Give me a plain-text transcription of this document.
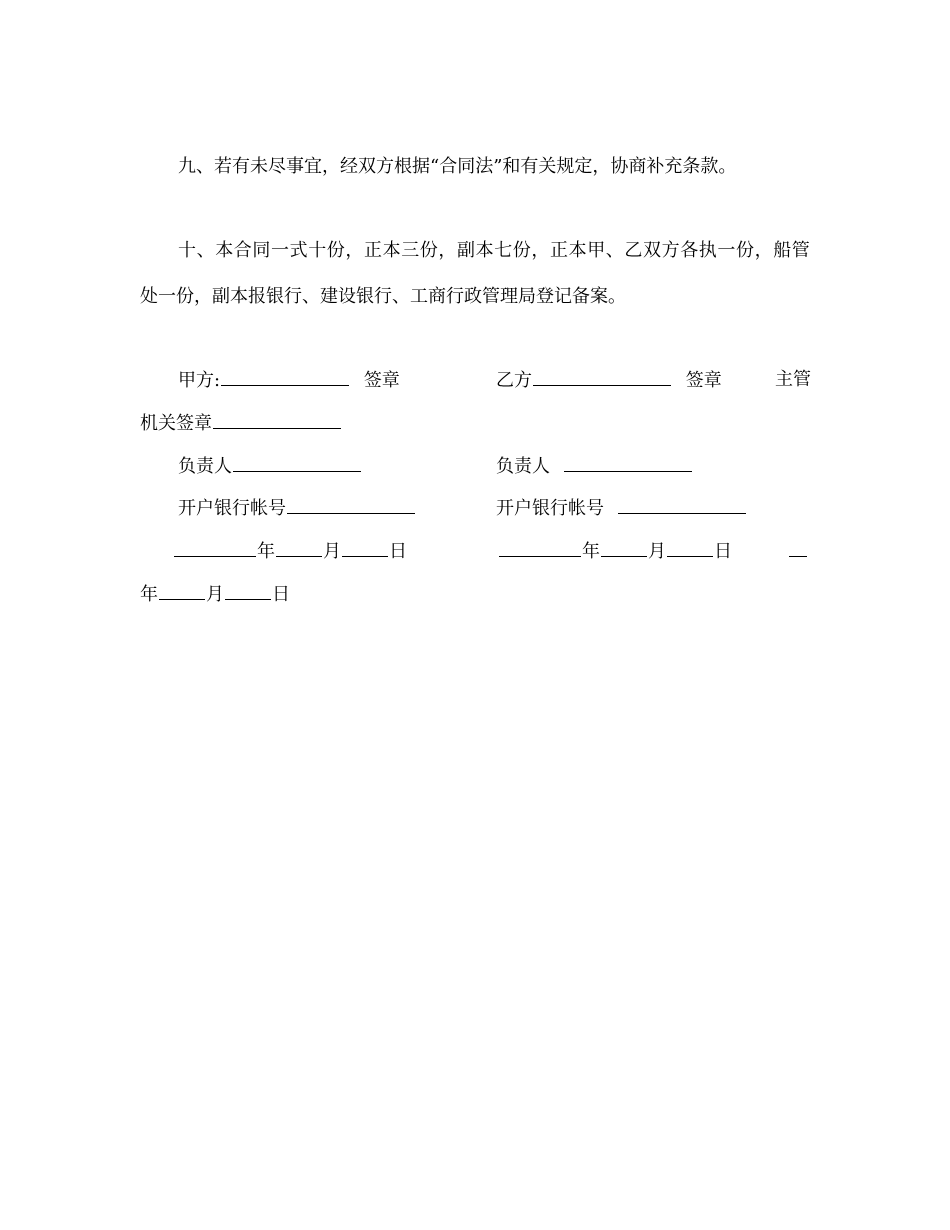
九、若有未尽事宜，经双方根据“合同法”和有关规定，协商补充条款。
十、本合同一式十份，正本三份，副本七份，正本甲、乙双方各执一份，船管
处一份，副本报银行、建设银行、工商行政管理局登记备案。
甲方:	签章	乙方	签章	主管
机关签章
负责人	负责人
开户银行帐号	开户银行帐号
年	月	日	年	月	日
年	月	日
